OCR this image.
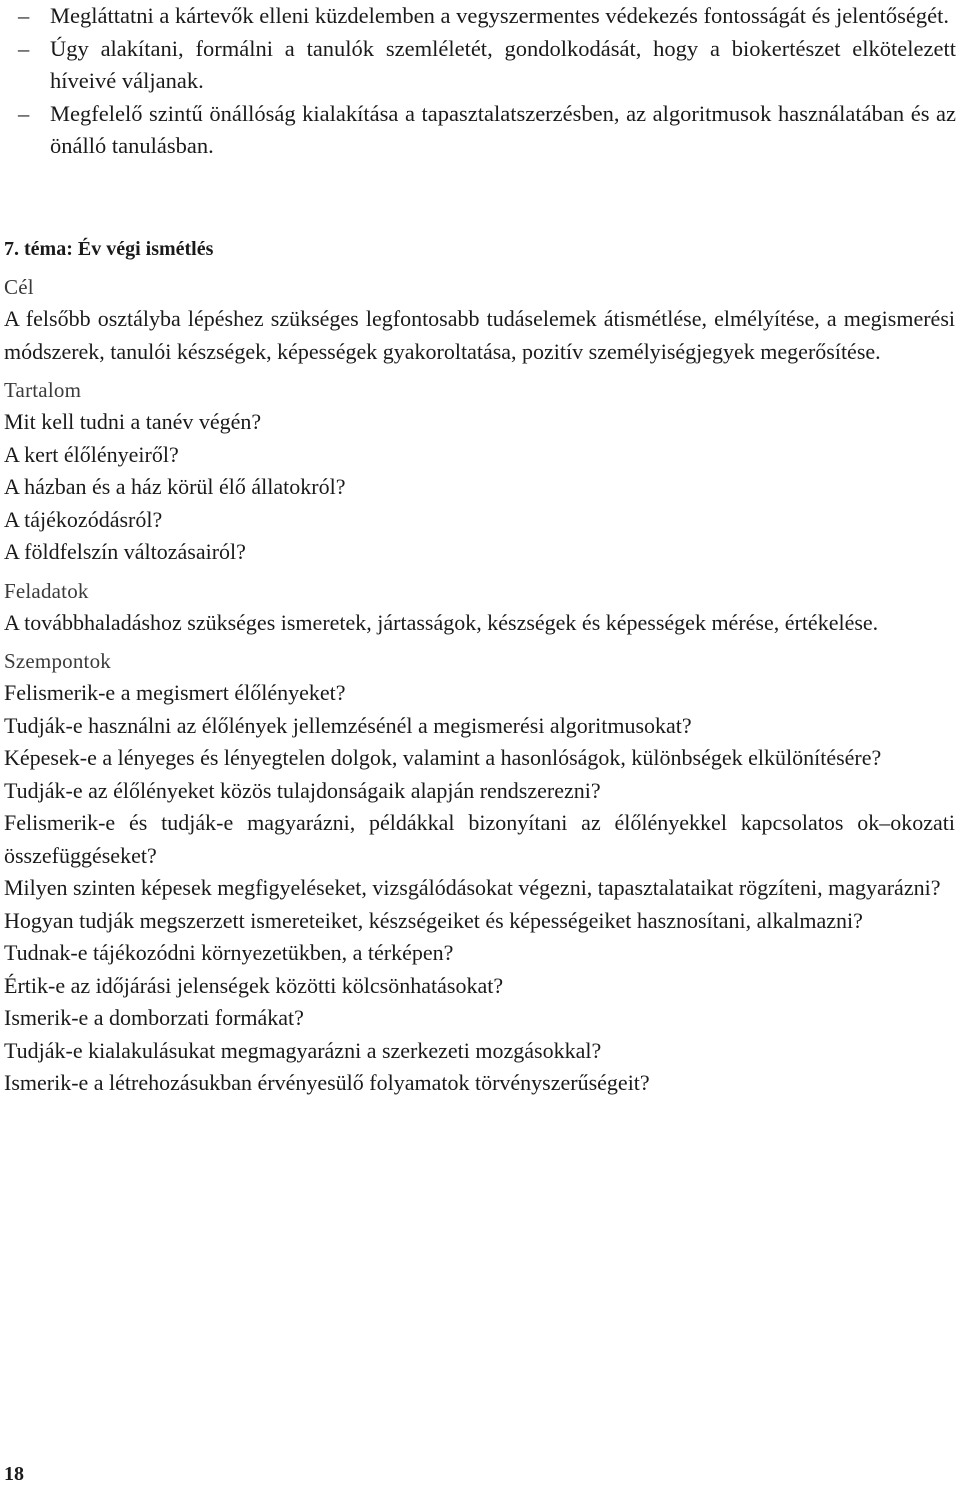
– Megláttatni a kártevők elleni küzdelemben a vegyszermentes védekezés fontosságát és jelentőségét.
– Úgy alakítani, formálni a tanulók szemléletét, gondolkodását, hogy a biokertészet elkötelezett híveivé váljanak.
– Megfelelő szintű önállóság kialakítása a tapasztalatszerzésben, az algoritmusok használatában és az önálló tanulásban.

7. téma: Év végi ismétlés

Cél

A felsőbb osztályba lépéshez szükséges legfontosabb tudáselemek átismétlése, elmélyítése, a megismerési módszerek, tanulói készségek, képességek gyakoroltatása, pozitív személyiségjegyek megerősítése.

Tartalom

Mit kell tudni a tanév végén?

A kert élőlényeiről?

A házban és a ház körül élő állatokról?

A tájékozódásról?

A földfelszín változásairól?

Feladatok

A továbbhaladáshoz szükséges ismeretek, jártasságok, készségek és képességek mérése, értékelése.

Szempontok

Felismerik-e a megismert élőlényeket?

Tudják-e használni az élőlények jellemzésénél a megismerési algoritmusokat?

Képesek-e a lényeges és lényegtelen dolgok, valamint a hasonlóságok, különbségek elkülönítésére?

Tudják-e az élőlényeket közös tulajdonságaik alapján rendszerezni?

Felismerik-e és tudják-e magyarázni, példákkal bizonyítani az élőlényekkel kapcsolatos ok–okozati összefüggéseket?

Milyen szinten képesek megfigyeléseket, vizsgálódásokat végezni, tapasztalataikat rögzíteni, magyarázni?

Hogyan tudják megszerzett ismereteiket, készségeiket és képességeiket hasznosítani, alkalmazni?

Tudnak-e tájékozódni környezetükben, a térképen?

Értik-e az időjárási jelenségek közötti kölcsönhatásokat?

Ismerik-e a domborzati formákat?

Tudják-e kialakulásukat megmagyarázni a szerkezeti mozgásokkal?

Ismerik-e a létrehozásukban érvényesülő folyamatok törvényszerűségeit?

18
